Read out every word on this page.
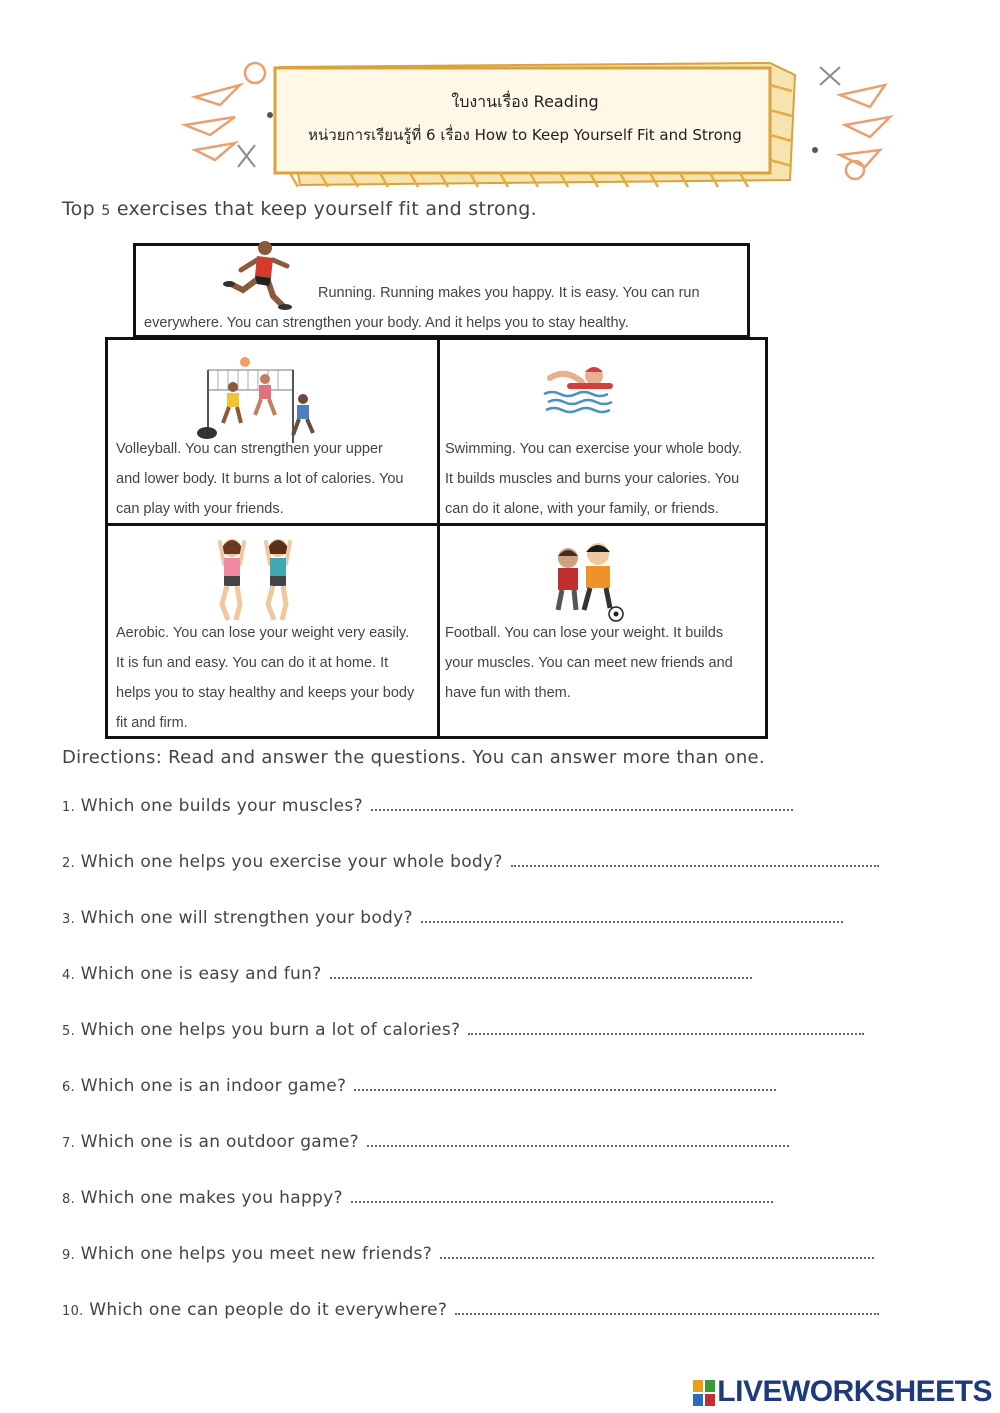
ใบงานเรื่อง Reading
หน่วยการเรียนรู้ที่ 6 เรื่อง How to Keep Yourself Fit and Strong
Top 5 exercises that keep yourself fit and strong.
Running. Running makes you happy. It is easy. You can run
everywhere. You can strengthen your body. And it helps you to stay healthy.
Volleyball. You can strengthen your upper
and lower body. It burns a lot of calories. You
can play with your friends.
Swimming. You can exercise your whole body.
It builds muscles and burns your calories. You
can do it alone, with your family, or friends.
Aerobic. You can lose your weight very easily.
It is fun and easy. You can do it at home. It
helps you to stay healthy and keeps your body
fit and firm.
Football. You can lose your weight. It builds
your muscles. You can meet new friends and
have fun with them.
Directions: Read and answer the questions. You can answer more than one.
1. Which one builds your muscles?
2. Which one helps you exercise your whole body?
3. Which one will strengthen your body?
4. Which one is easy and fun?
5. Which one helps you burn a lot of calories?
6. Which one is an indoor game?
7. Which one is an outdoor game?
8. Which one makes you happy?
9. Which one helps you meet new friends?
10. Which one can people do it everywhere?
LIVEWORKSHEETS
